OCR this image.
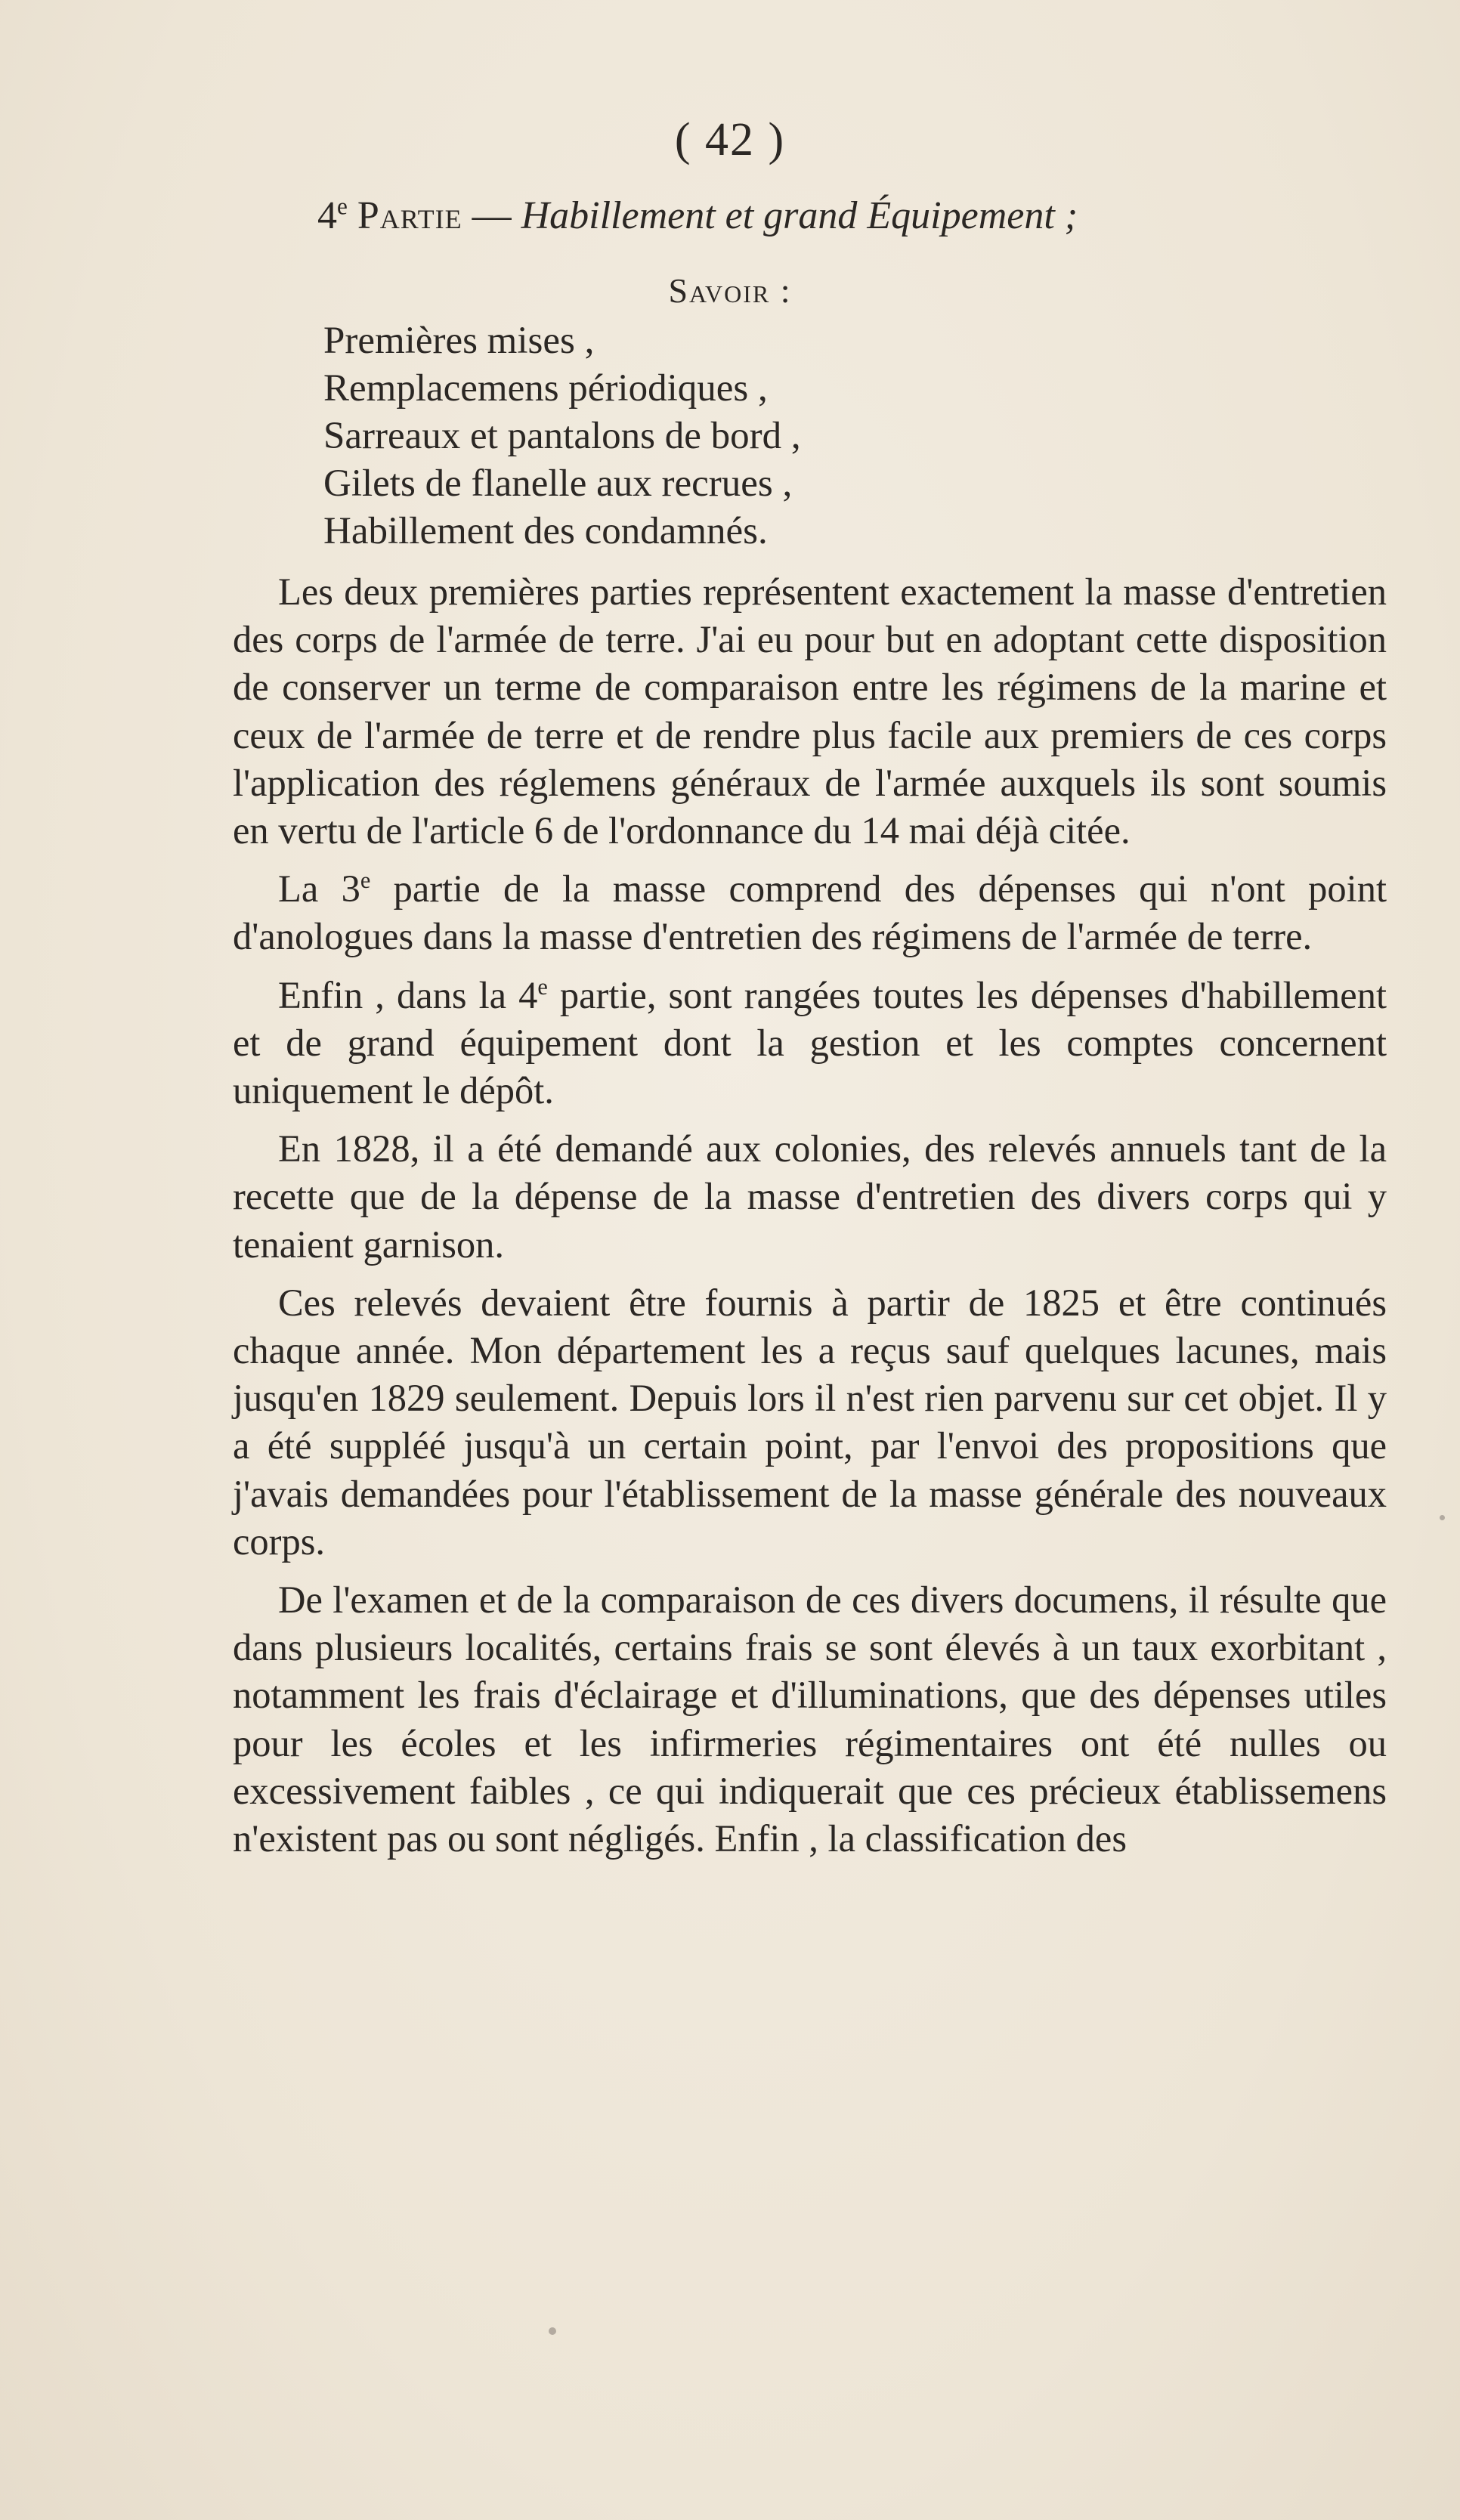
( 42 )
4e Partie — Habillement et grand Équipement ;
Savoir :
Premières mises ,
Remplacemens périodiques ,
Sarreaux et pantalons de bord ,
Gilets de flanelle aux recrues ,
Habillement des condamnés.

Les deux premières parties représentent exactement la masse d'entretien des corps de l'armée de terre. J'ai eu pour but en adoptant cette disposition de conserver un terme de comparaison entre les régimens de la marine et ceux de l'armée de terre et de rendre plus facile aux premiers de ces corps l'application des réglemens généraux de l'armée auxquels ils sont soumis en vertu de l'article 6 de l'ordonnance du 14 mai déjà citée.

La 3e partie de la masse comprend des dépenses qui n'ont point d'anologues dans la masse d'entretien des régimens de l'armée de terre.

Enfin , dans la 4e partie, sont rangées toutes les dépenses d'habillement et de grand équipement dont la gestion et les comptes concernent uniquement le dépôt.

En 1828, il a été demandé aux colonies, des relevés annuels tant de la recette que de la dépense de la masse d'entretien des divers corps qui y tenaient garnison.

Ces relevés devaient être fournis à partir de 1825 et être continués chaque année. Mon département les a reçus sauf quelques lacunes, mais jusqu'en 1829 seulement. Depuis lors il n'est rien parvenu sur cet objet. Il y a été suppléé jusqu'à un certain point, par l'envoi des propositions que j'avais demandées pour l'établissement de la masse générale des nouveaux corps.

De l'examen et de la comparaison de ces divers documens, il résulte que dans plusieurs localités, certains frais se sont élevés à un taux exorbitant , notamment les frais d'éclairage et d'illuminations, que des dépenses utiles pour les écoles et les infirmeries régimentaires ont été nulles ou excessivement faibles , ce qui indiquerait que ces précieux établissemens n'existent pas ou sont négligés. Enfin , la classification des
